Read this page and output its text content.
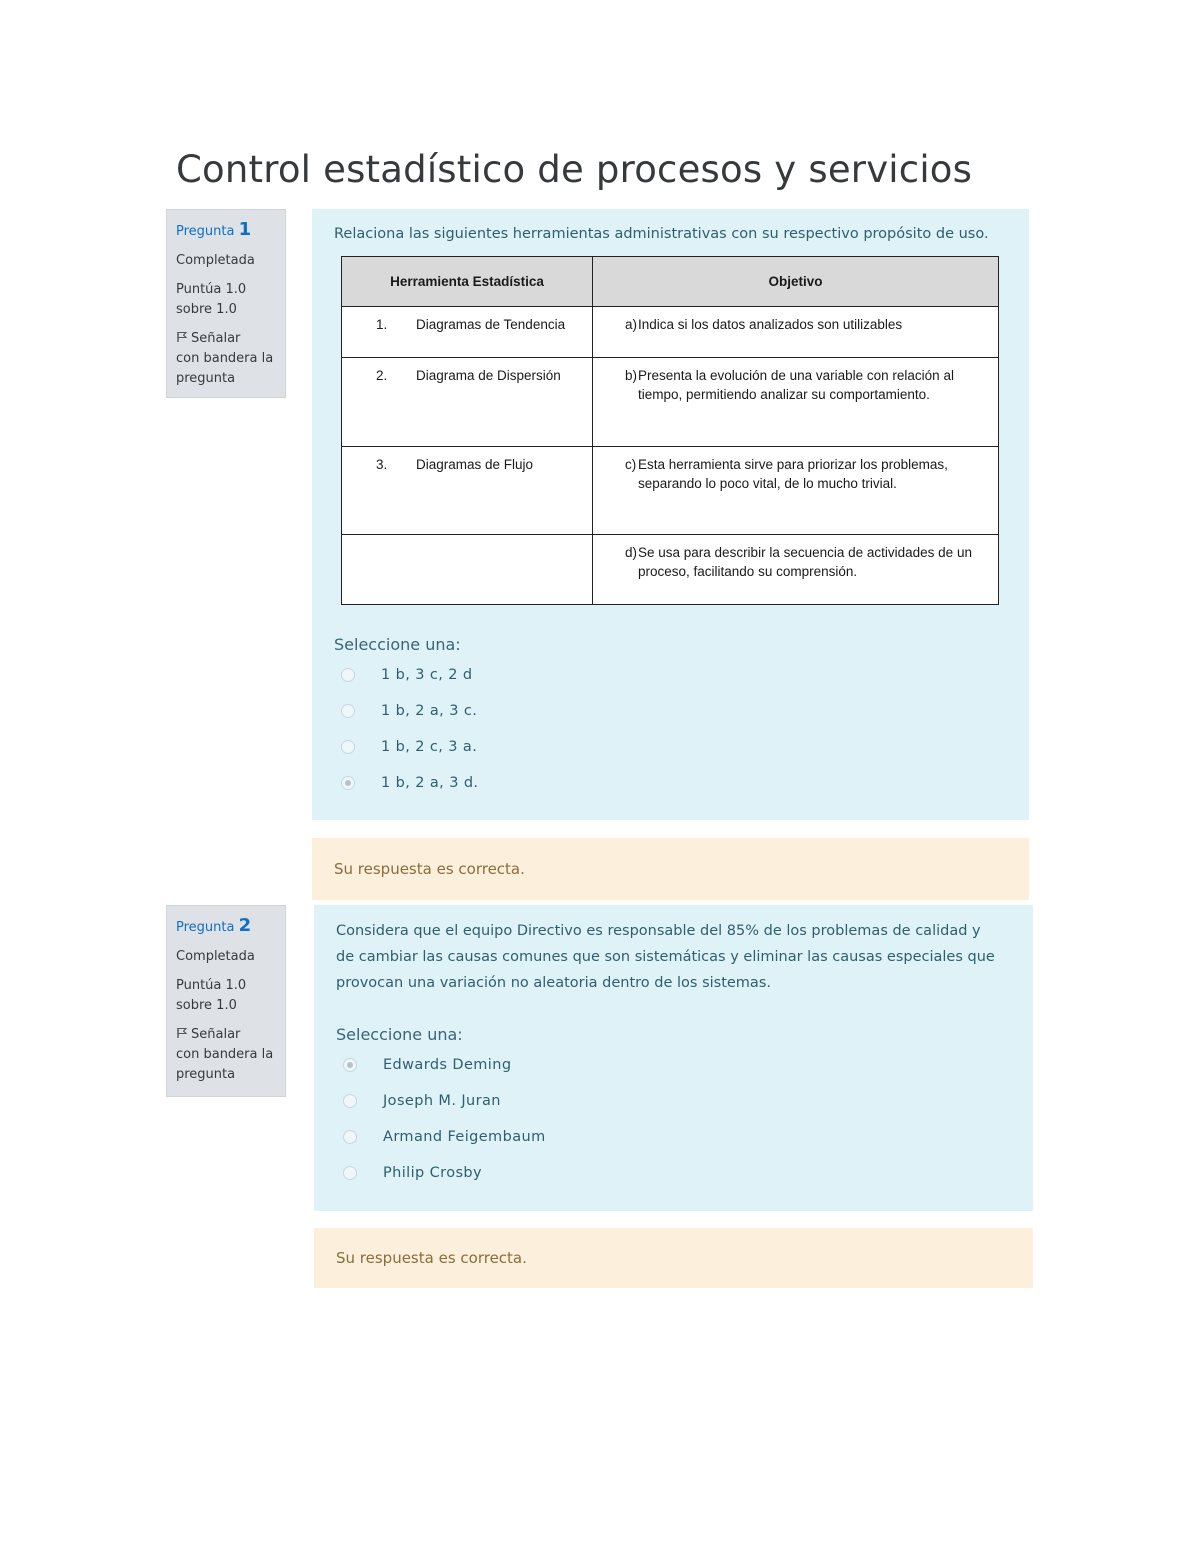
Control estadístico de procesos y servicios
Pregunta 1
Completada
Puntúa 1.0
sobre 1.0
Señalar
con bandera la
pregunta
Relaciona las siguientes herramientas administrativas con su respectivo propósito de uso.
Herramienta Estadística	Objetivo

1. Diagramas de Tendencia	a) Indica si los datos analizados son utilizables

2. Diagrama de Dispersión	b) Presenta la evolución de una variable con relación al tiempo, permitiendo analizar su comportamiento.

3. Diagramas de Flujo	c) Esta herramienta sirve para priorizar los problemas, separando lo poco vital, de lo mucho trivial.

	d) Se usa para describir la secuencia de actividades de un proceso, facilitando su comprensión.
Seleccione una:
1 b, 3 c, 2 d
1 b, 2 a, 3 c.
1 b, 2 c, 3 a.
1 b, 2 a, 3 d.
Su respuesta es correcta.
Pregunta 2
Completada
Puntúa 1.0
sobre 1.0
Señalar
con bandera la
pregunta
Considera que el equipo Directivo es responsable del 85% de los problemas de calidad y
de cambiar las causas comunes que son sistemáticas y eliminar las causas especiales que
provocan una variación no aleatoria dentro de los sistemas.
Seleccione una:
Edwards Deming
Joseph M. Juran
Armand Feigembaum
Philip Crosby
Su respuesta es correcta.
